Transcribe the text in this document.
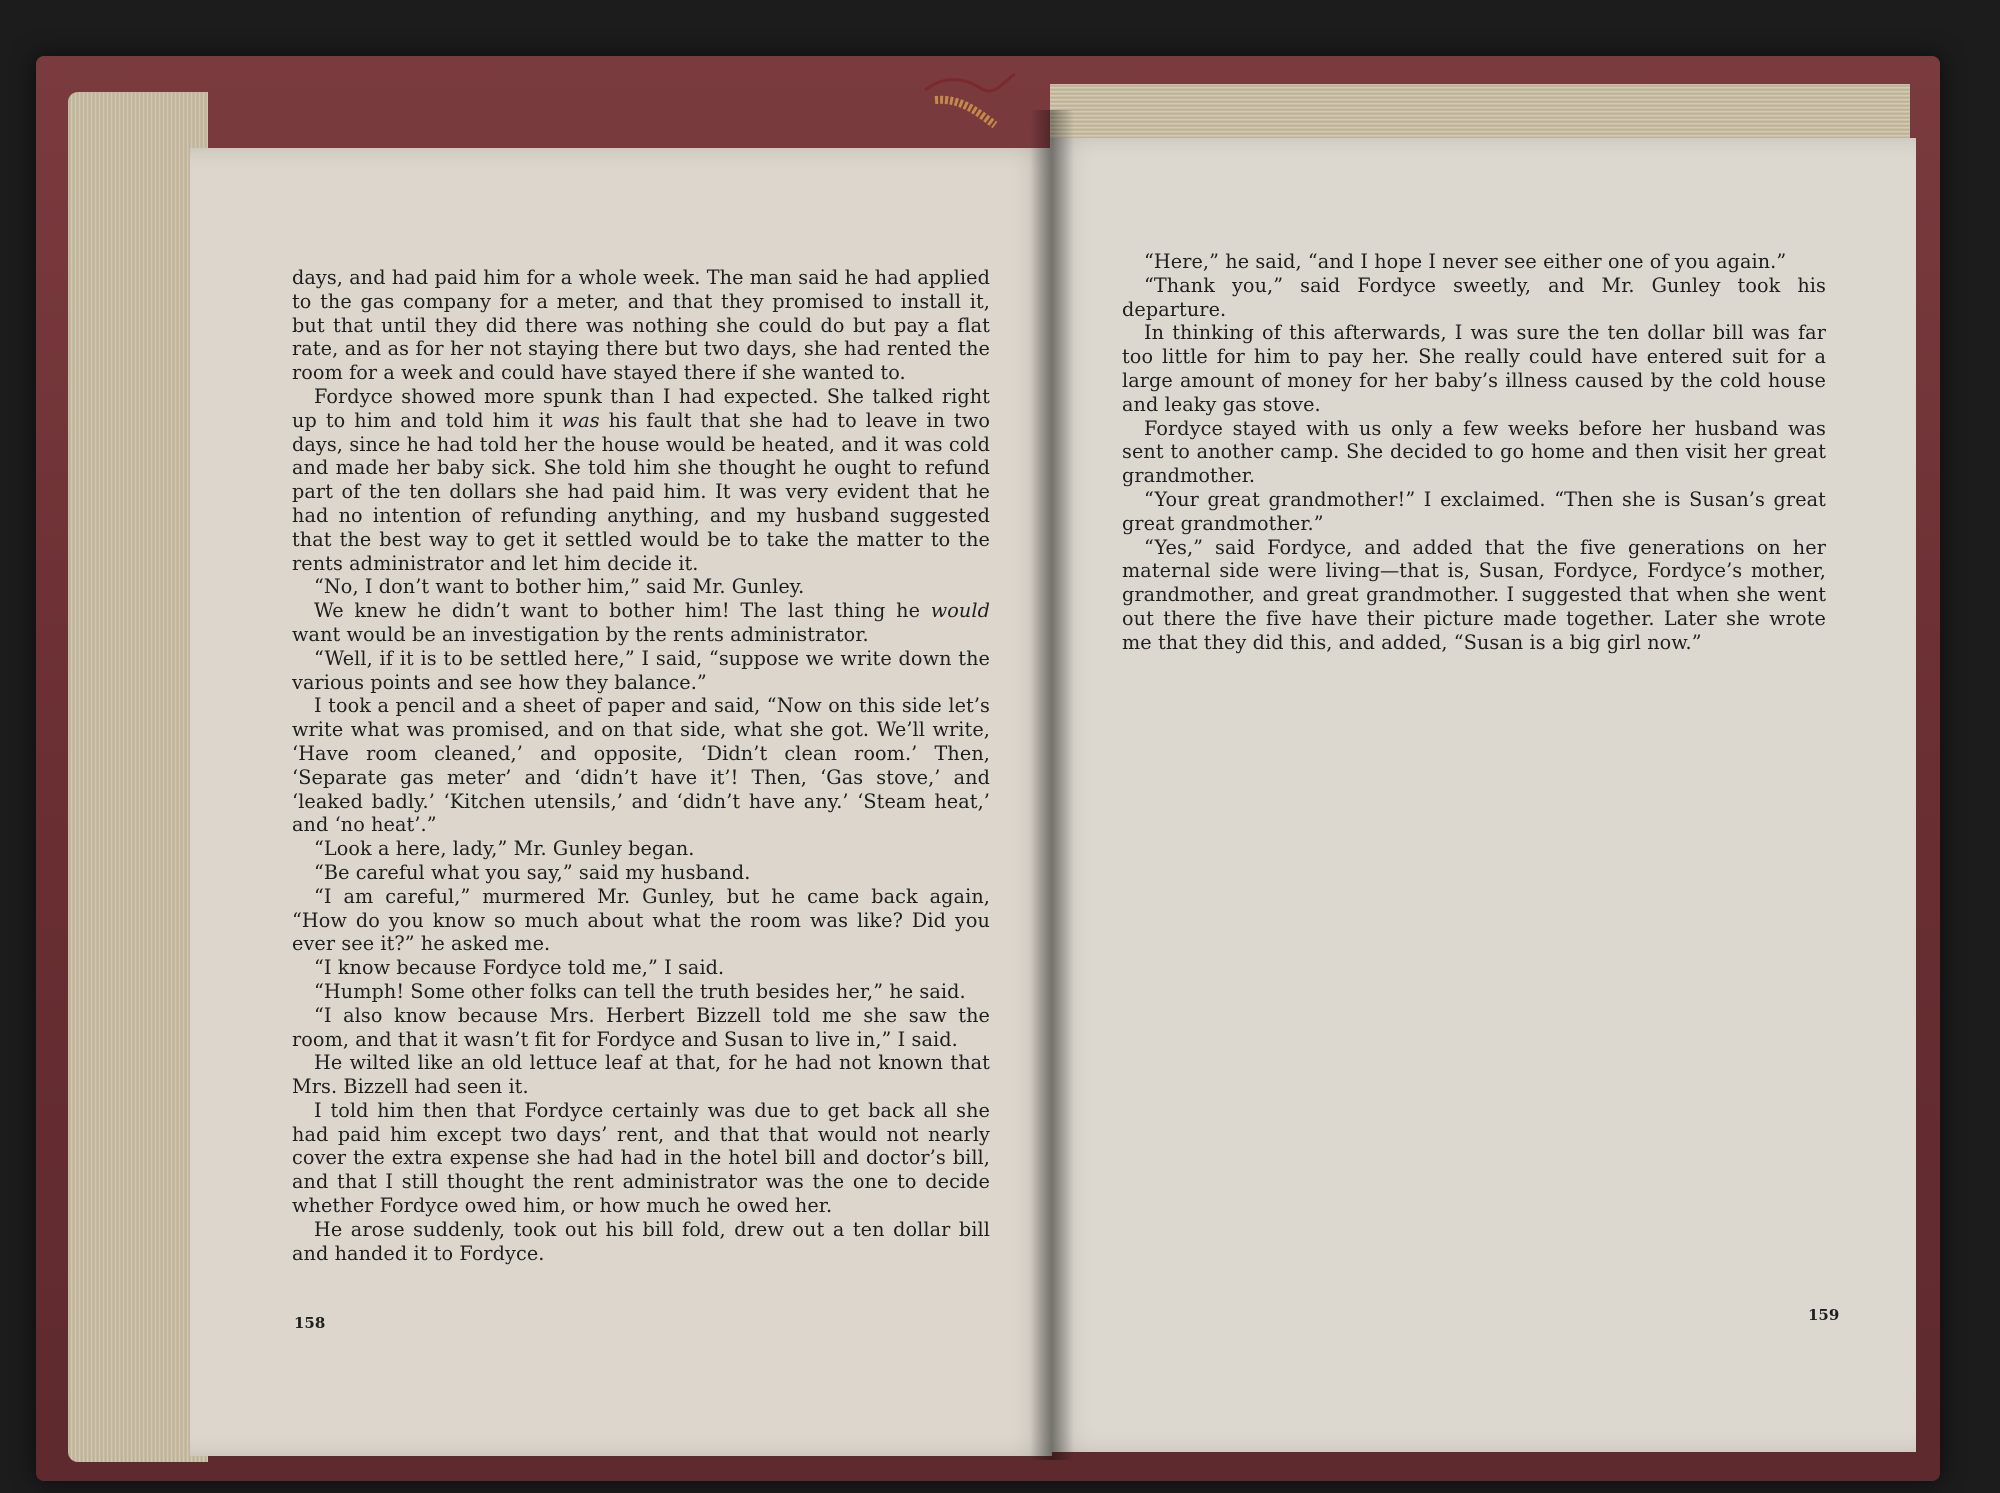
days, and had paid him for a whole week. The man said he had applied to the gas company for a meter, and that they promised to install it, but that until they did there was nothing she could do but pay a flat rate, and as for her not staying there but two days, she had rented the room for a week and could have stayed there if she wanted to.

Fordyce showed more spunk than I had expected. She talked right up to him and told him it was his fault that she had to leave in two days, since he had told her the house would be heated, and it was cold and made her baby sick. She told him she thought he ought to refund part of the ten dollars she had paid him. It was very evident that he had no intention of refunding anything, and my husband suggested that the best way to get it settled would be to take the matter to the rents administrator and let him decide it.

“No, I don’t want to bother him,” said Mr. Gunley.

We knew he didn’t want to bother him! The last thing he would want would be an investigation by the rents administrator.

“Well, if it is to be settled here,” I said, “suppose we write down the various points and see how they balance.”

I took a pencil and a sheet of paper and said, “Now on this side let’s write what was promised, and on that side, what she got. We’ll write, ‘Have room cleaned,’ and opposite, ‘Didn’t clean room.’ Then, ‘Separate gas meter’ and ‘didn’t have it’! Then, ‘Gas stove,’ and ‘leaked badly.’ ‘Kitchen utensils,’ and ‘didn’t have any.’ ‘Steam heat,’ and ‘no heat’.”

“Look a here, lady,” Mr. Gunley began.

“Be careful what you say,” said my husband.

“I am careful,” murmered Mr. Gunley, but he came back again, “How do you know so much about what the room was like? Did you ever see it?” he asked me.

“I know because Fordyce told me,” I said.

“Humph! Some other folks can tell the truth besides her,” he said.

“I also know because Mrs. Herbert Bizzell told me she saw the room, and that it wasn’t fit for Fordyce and Susan to live in,” I said.

He wilted like an old lettuce leaf at that, for he had not known that Mrs. Bizzell had seen it.

I told him then that Fordyce certainly was due to get back all she had paid him except two days’ rent, and that that would not nearly cover the extra expense she had had in the hotel bill and doctor’s bill, and that I still thought the rent administrator was the one to decide whether Fordyce owed him, or how much he owed her.

He arose suddenly, took out his bill fold, drew out a ten dollar bill and handed it to Fordyce.

158

“Here,” he said, “and I hope I never see either one of you again.”

“Thank you,” said Fordyce sweetly, and Mr. Gunley took his departure.

In thinking of this afterwards, I was sure the ten dollar bill was far too little for him to pay her. She really could have entered suit for a large amount of money for her baby’s illness caused by the cold house and leaky gas stove.

Fordyce stayed with us only a few weeks before her husband was sent to another camp. She decided to go home and then visit her great grandmother.

“Your great grandmother!” I exclaimed. “Then she is Susan’s great great grandmother.”

“Yes,” said Fordyce, and added that the five generations on her maternal side were living—that is, Susan, Fordyce, Fordyce’s mother, grandmother, and great grandmother. I suggested that when she went out there the five have their picture made together. Later she wrote me that they did this, and added, “Susan is a big girl now.”

159
